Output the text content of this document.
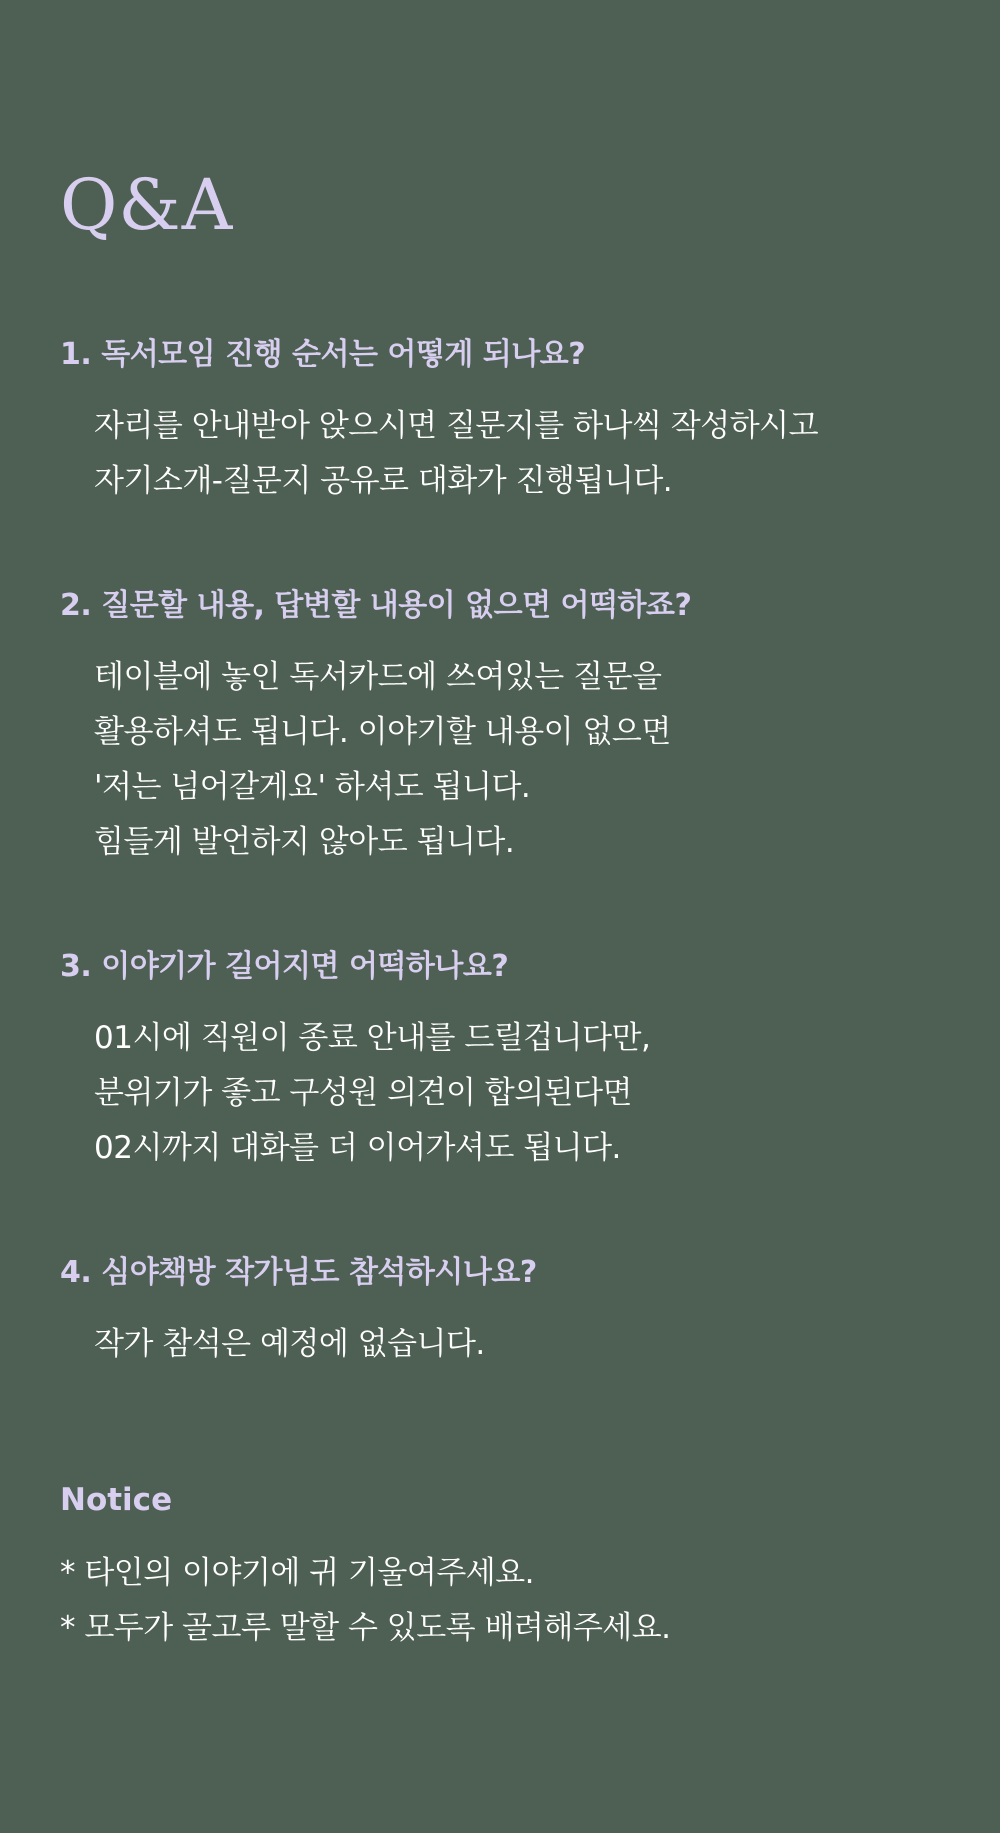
Q&A
1. 독서모임 진행 순서는 어떻게 되나요?
자리를 안내받아 앉으시면 질문지를 하나씩 작성하시고
자기소개-질문지 공유로 대화가 진행됩니다.
2. 질문할 내용, 답변할 내용이 없으면 어떡하죠?
테이블에 놓인 독서카드에 쓰여있는 질문을
활용하셔도 됩니다. 이야기할 내용이 없으면
'저는 넘어갈게요' 하셔도 됩니다.
힘들게 발언하지 않아도 됩니다.
3. 이야기가 길어지면 어떡하나요?
01시에 직원이 종료 안내를 드릴겁니다만,
분위기가 좋고 구성원 의견이 합의된다면
02시까지 대화를 더 이어가셔도 됩니다.
4. 심야책방 작가님도 참석하시나요?
작가 참석은 예정에 없습니다.
Notice
* 타인의 이야기에 귀 기울여주세요.
* 모두가 골고루 말할 수 있도록 배려해주세요.
